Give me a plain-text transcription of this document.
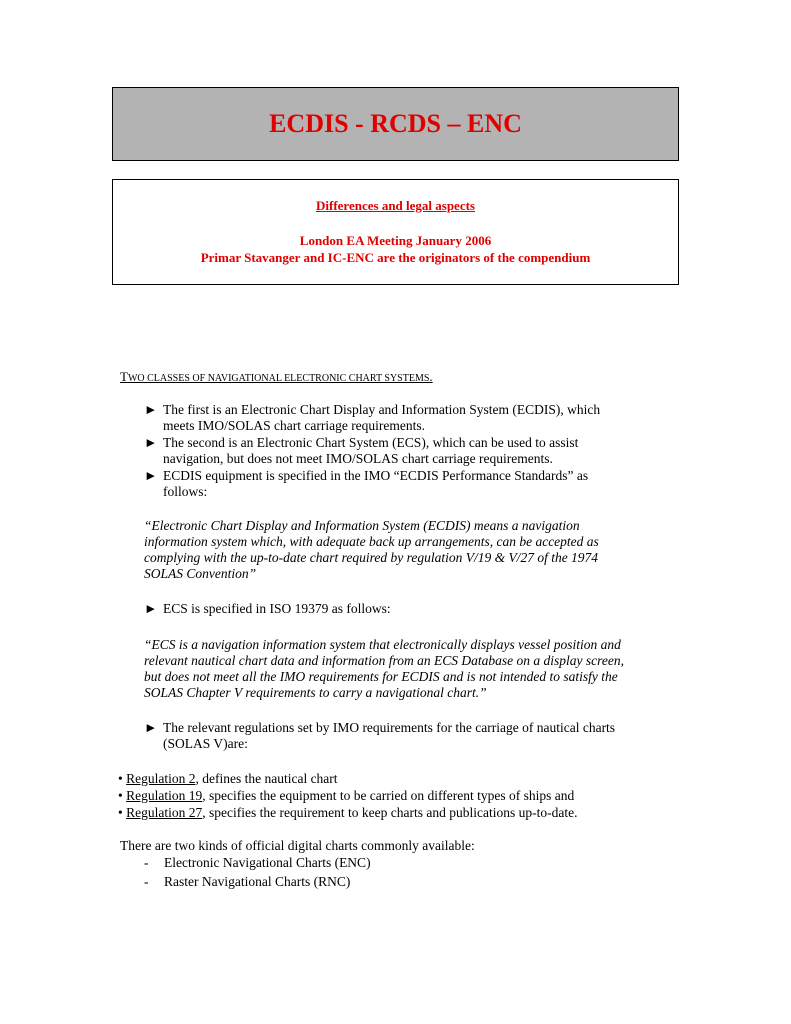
ECDIS - RCDS – ENC
Differences and legal aspects
London EA Meeting January 2006
Primar Stavanger and IC-ENC are the originators of the compendium
TWO CLASSES OF NAVIGATIONAL ELECTRONIC CHART SYSTEMS.
► The first is an Electronic Chart Display and Information System (ECDIS), which
meets IMO/SOLAS chart carriage requirements.
► The second is an Electronic Chart System (ECS), which can be used to assist
navigation, but does not meet IMO/SOLAS chart carriage requirements.
► ECDIS equipment is specified in the IMO “ECDIS Performance Standards” as
follows:
“Electronic Chart Display and Information System (ECDIS) means a navigation
information system which, with adequate back up arrangements, can be accepted as
complying with the up-to-date chart required by regulation V/19 & V/27 of the 1974
SOLAS Convention”
► ECS is specified in ISO 19379 as follows:
“ECS is a navigation information system that electronically displays vessel position and
relevant nautical chart data and information from an ECS Database on a display screen,
but does not meet all the IMO requirements for ECDIS and is not intended to satisfy the
SOLAS Chapter V requirements to carry a navigational chart.”
► The relevant regulations set by IMO requirements for the carriage of nautical charts
(SOLAS V)are:
• Regulation 2, defines the nautical chart
• Regulation 19, specifies the equipment to be carried on different types of ships and
• Regulation 27, specifies the requirement to keep charts and publications up-to-date.
There are two kinds of official digital charts commonly available:
- Electronic Navigational Charts (ENC)
- Raster Navigational Charts (RNC)
